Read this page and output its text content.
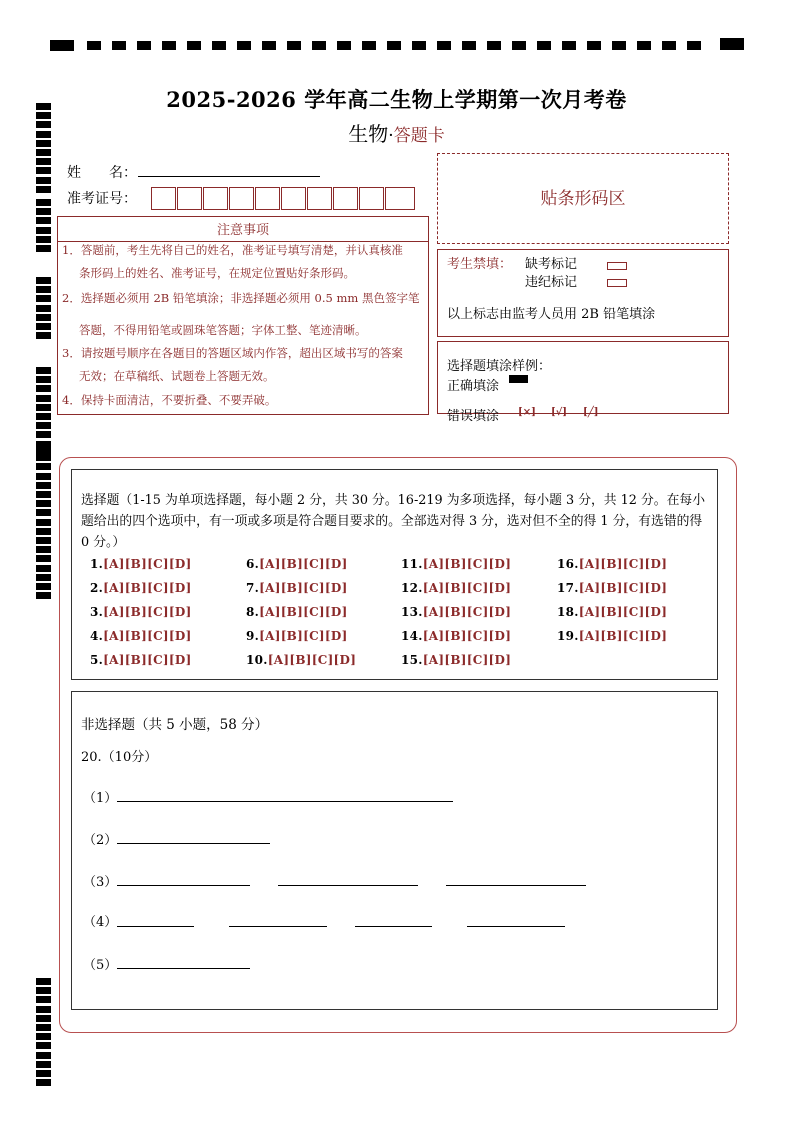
2025-2026 学年高二生物上学期第一次月考卷
生物·答题卡
姓　　名：
准考证号：	贴条形码区
注意事项
1．答题前，考生先将自己的姓名，准考证号填写清楚，并认真核准
条形码上的姓名、准考证号，在规定位置贴好条形码。
2．选择题必须用 2B 铅笔填涂；非选择题必须用 0.5 mm 黑色签字笔
答题，不得用铅笔或圆珠笔答题；字体工整、笔迹清晰。
3．请按题号顺序在各题目的答题区域内作答，超出区域书写的答案
无效；在草稿纸、试题卷上答题无效。
4．保持卡面清洁，不要折叠、不要弄破。
考生禁填： 缺考标记
违纪标记
以上标志由监考人员用 2B 铅笔填涂
选择题填涂样例：
正确填涂
错误填涂 [×] [√] [╱]
选择题（1-15 为单项选择题，每小题 2 分，共 30 分。16-219 为多项选择，每小题 3 分，共 12 分。在每小题给出的四个选项中，有一项或多项是符合题目要求的。全部选对得 3 分，选对但不全的得 1 分，有选错的得 0 分。）
1.[A][B][C][D]
2.[A][B][C][D]
3.[A][B][C][D]
4.[A][B][C][D]
5.[A][B][C][D]
6.[A][B][C][D]
7.[A][B][C][D]
8.[A][B][C][D]
9.[A][B][C][D]
10.[A][B][C][D]
11.[A][B][C][D]
12.[A][B][C][D]
13.[A][B][C][D]
14.[A][B][C][D]
15.[A][B][C][D]
16.[A][B][C][D]
17.[A][B][C][D]
18.[A][B][C][D]
19.[A][B][C][D]
非选择题（共 5 小题，58 分）
20.（10分）
（1）
（2）
（3）
（4）
（5）
